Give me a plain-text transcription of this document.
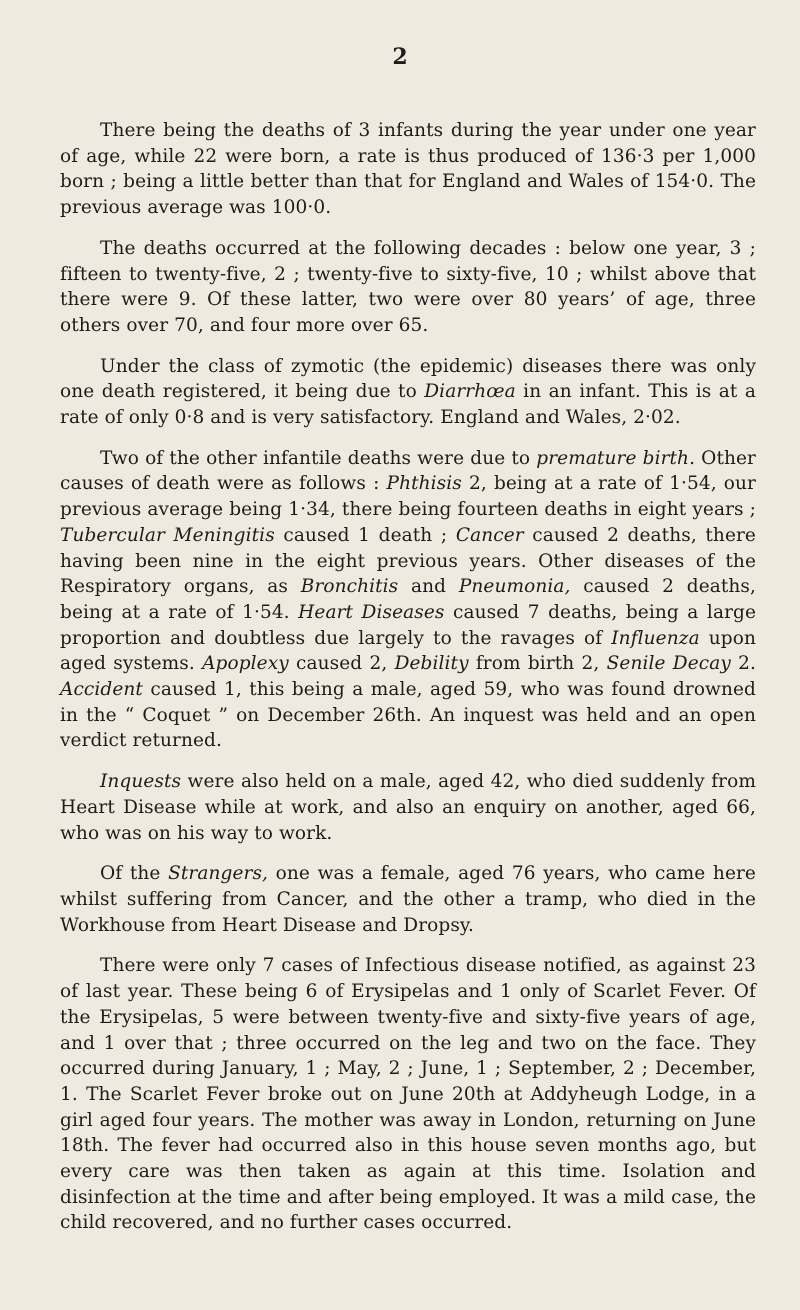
2

There being the deaths of 3 infants during the year under one year of age, while 22 were born, a rate is thus produced of 136·3 per 1,000 born ; being a little better than that for England and Wales of 154·0. The previous average was 100·0.

The deaths occurred at the following decades : below one year, 3 ; fifteen to twenty-five, 2 ; twenty-five to sixty-five, 10 ; whilst above that there were 9. Of these latter, two were over 80 years’ of age, three others over 70, and four more over 65.

Under the class of zymotic (the epidemic) diseases there was only one death registered, it being due to Diarrhœa in an infant. This is at a rate of only 0·8 and is very satisfactory. England and Wales, 2·02.

Two of the other infantile deaths were due to premature birth. Other causes of death were as follows : Phthisis 2, being at a rate of 1·54, our previous average being 1·34, there being fourteen deaths in eight years ; Tubercular Meningitis caused 1 death ; Cancer caused 2 deaths, there having been nine in the eight previous years. Other diseases of the Respiratory organs, as Bronchitis and Pneumonia, caused 2 deaths, being at a rate of 1·54. Heart Diseases caused 7 deaths, being a large proportion and doubtless due largely to the ravages of Influenza upon aged systems. Apoplexy caused 2, Debility from birth 2, Senile Decay 2. Accident caused 1, this being a male, aged 59, who was found drowned in the “ Coquet ” on December 26th. An inquest was held and an open verdict returned.

Inquests were also held on a male, aged 42, who died suddenly from Heart Disease while at work, and also an enquiry on another, aged 66, who was on his way to work.

Of the Strangers, one was a female, aged 76 years, who came here whilst suffering from Cancer, and the other a tramp, who died in the Workhouse from Heart Disease and Dropsy.

There were only 7 cases of Infectious disease notified, as against 23 of last year. These being 6 of Erysipelas and 1 only of Scarlet Fever. Of the Erysipelas, 5 were between twenty-five and sixty-five years of age, and 1 over that ; three occurred on the leg and two on the face. They occurred during January, 1 ; May, 2 ; June, 1 ; September, 2 ; December, 1. The Scarlet Fever broke out on June 20th at Addyheugh Lodge, in a girl aged four years. The mother was away in London, returning on June 18th. The fever had occurred also in this house seven months ago, but every care was then taken as again at this time. Isolation and disinfection at the time and after being employed. It was a mild case, the child recovered, and no further cases occurred.
